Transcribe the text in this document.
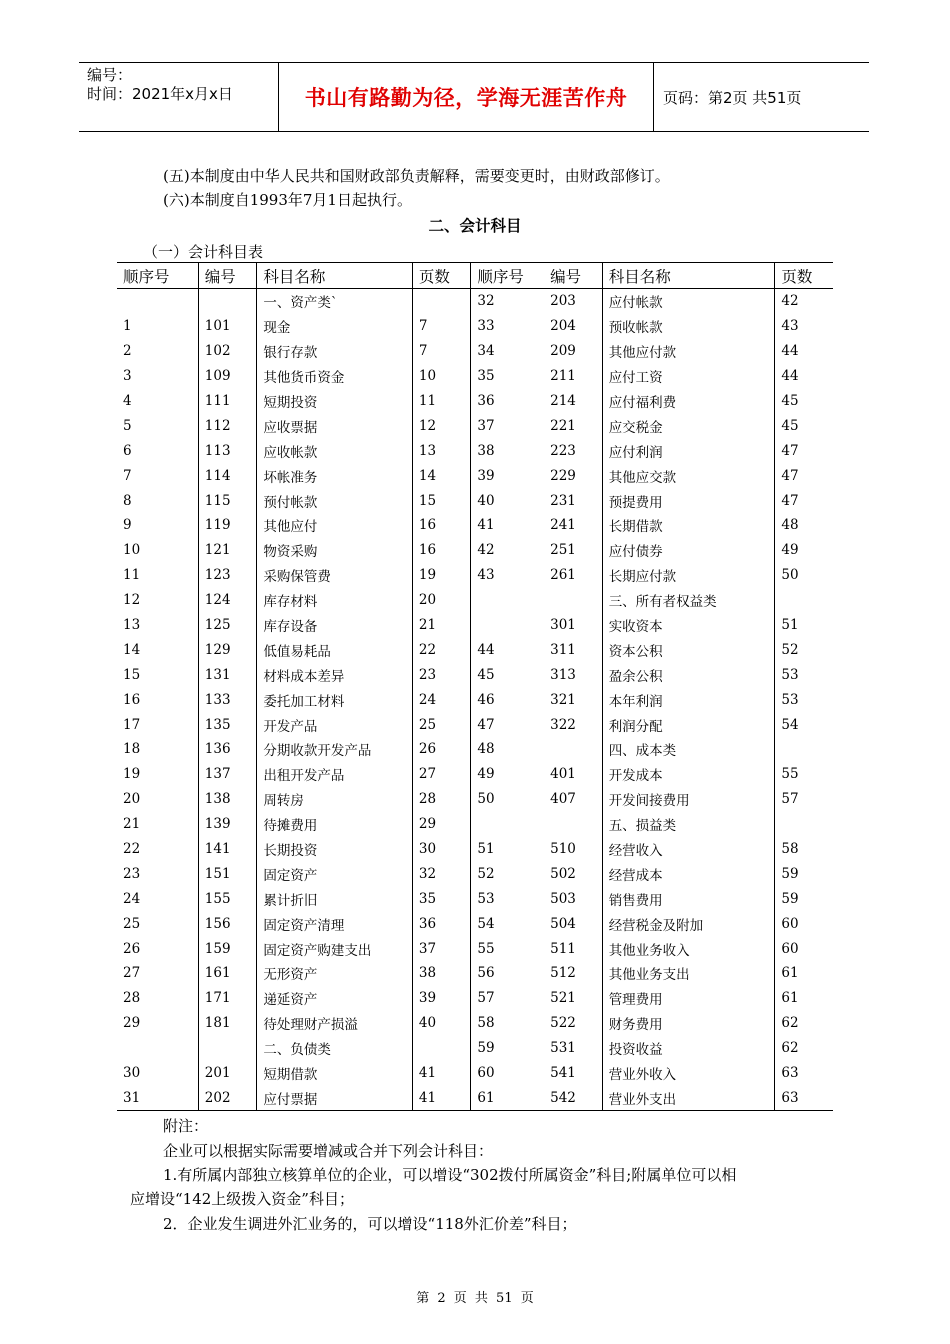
编号：
时间：2021年x月x日	书山有路勤为径，学海无涯苦作舟	页码：第2页 共51页
(五)本制度由中华人民共和国财政部负责解释，需要变更时，由财政部修订。
(六)本制度自1993年7月1日起执行。
二、会计科目
（一）会计科目表
顺序号	编号	科目名称	页数	顺序号	编号	科目名称	页数
		一、资产类`		32	203	应付帐款	42
1	101	现金	7	33	204	预收帐款	43
2	102	银行存款	7	34	209	其他应付款	44
3	109	其他货币资金	10	35	211	应付工资	44
4	111	短期投资	11	36	214	应付福利费	45
5	112	应收票据	12	37	221	应交税金	45
6	113	应收帐款	13	38	223	应付利润	47
7	114	坏帐准务	14	39	229	其他应交款	47
8	115	预付帐款	15	40	231	预提费用	47
9	119	其他应付	16	41	241	长期借款	48
10	121	物资采购	16	42	251	应付债券	49
11	123	采购保管费	19	43	261	长期应付款	50
12	124	库存材料	20			三、所有者权益类	
13	125	库存设备	21		301	实收资本	51
14	129	低值易耗品	22	44	311	资本公积	52
15	131	材料成本差异	23	45	313	盈余公积	53
16	133	委托加工材料	24	46	321	本年利润	53
17	135	开发产品	25	47	322	利润分配	54
18	136	分期收款开发产品	26	48		四、成本类	
19	137	出租开发产品	27	49	401	开发成本	55
20	138	周转房	28	50	407	开发间接费用	57
21	139	待摊费用	29			五、损益类	
22	141	长期投资	30	51	510	经营收入	58
23	151	固定资产	32	52	502	经营成本	59
24	155	累计折旧	35	53	503	销售费用	59
25	156	固定资产清理	36	54	504	经营税金及附加	60
26	159	固定资产购建支出	37	55	511	其他业务收入	60
27	161	无形资产	38	56	512	其他业务支出	61
28	171	递延资产	39	57	521	管理费用	61
29	181	待处理财产损溢	40	58	522	财务费用	62
		二、负债类		59	531	投资收益	62
30	201	短期借款	41	60	541	营业外收入	63
31	202	应付票据	41	61	542	营业外支出	63
附注：
企业可以根据实际需要增减或合并下列会计科目：
1.有所属内部独立核算单位的企业，可以增设“302拨付所属资金”科目;附属单位可以相
应增设“142上级拨入资金”科目；
2．企业发生调进外汇业务的，可以增设“118外汇价差”科目；
第 2 页 共 51 页
